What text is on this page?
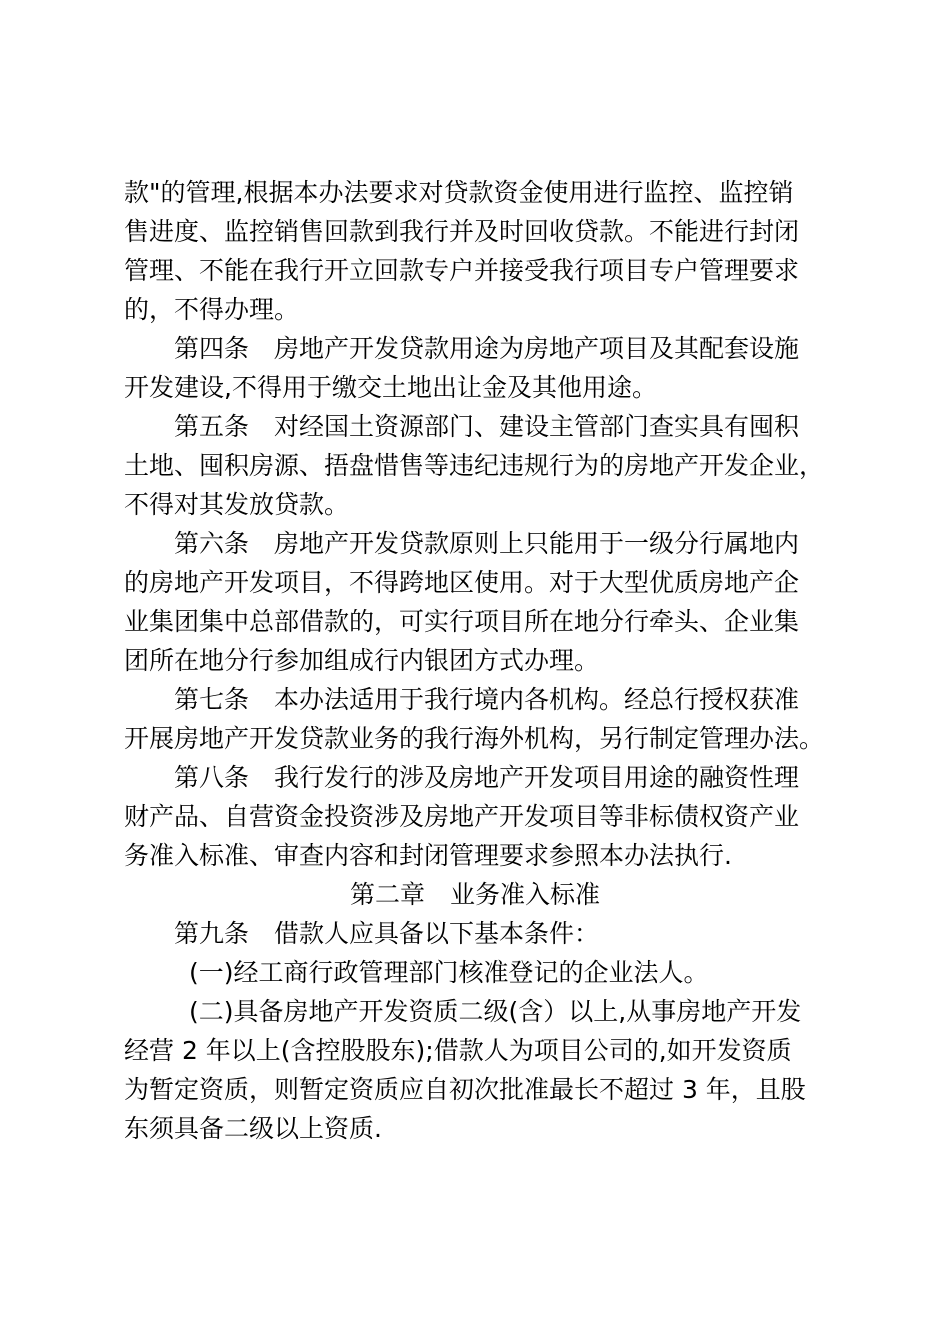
款"的管理,根据本办法要求对贷款资金使用进行监控、监控销
售进度、监控销售回款到我行并及时回收贷款。不能进行封闭
管理、不能在我行开立回款专户并接受我行项目专户管理要求
的，不得办理。
第四条　房地产开发贷款用途为房地产项目及其配套设施
开发建设,不得用于缴交土地出让金及其他用途。
第五条　对经国土资源部门、建设主管部门查实具有囤积
土地、囤积房源、捂盘惜售等违纪违规行为的房地产开发企业，
不得对其发放贷款。
第六条　房地产开发贷款原则上只能用于一级分行属地内
的房地产开发项目，不得跨地区使用。对于大型优质房地产企
业集团集中总部借款的，可实行项目所在地分行牵头、企业集
团所在地分行参加组成行内银团方式办理。
第七条　本办法适用于我行境内各机构。经总行授权获准
开展房地产开发贷款业务的我行海外机构，另行制定管理办法。
第八条　我行发行的涉及房地产开发项目用途的融资性理
财产品、自营资金投资涉及房地产开发项目等非标债权资产业
务准入标准、审查内容和封闭管理要求参照本办法执行.
第二章　业务准入标准
第九条　借款人应具备以下基本条件：
(一)经工商行政管理部门核准登记的企业法人。
(二)具备房地产开发资质二级(含）以上,从事房地产开发
经营 2 年以上(含控股股东);借款人为项目公司的,如开发资质
为暂定资质，则暂定资质应自初次批准最长不超过 3 年，且股
东须具备二级以上资质.
